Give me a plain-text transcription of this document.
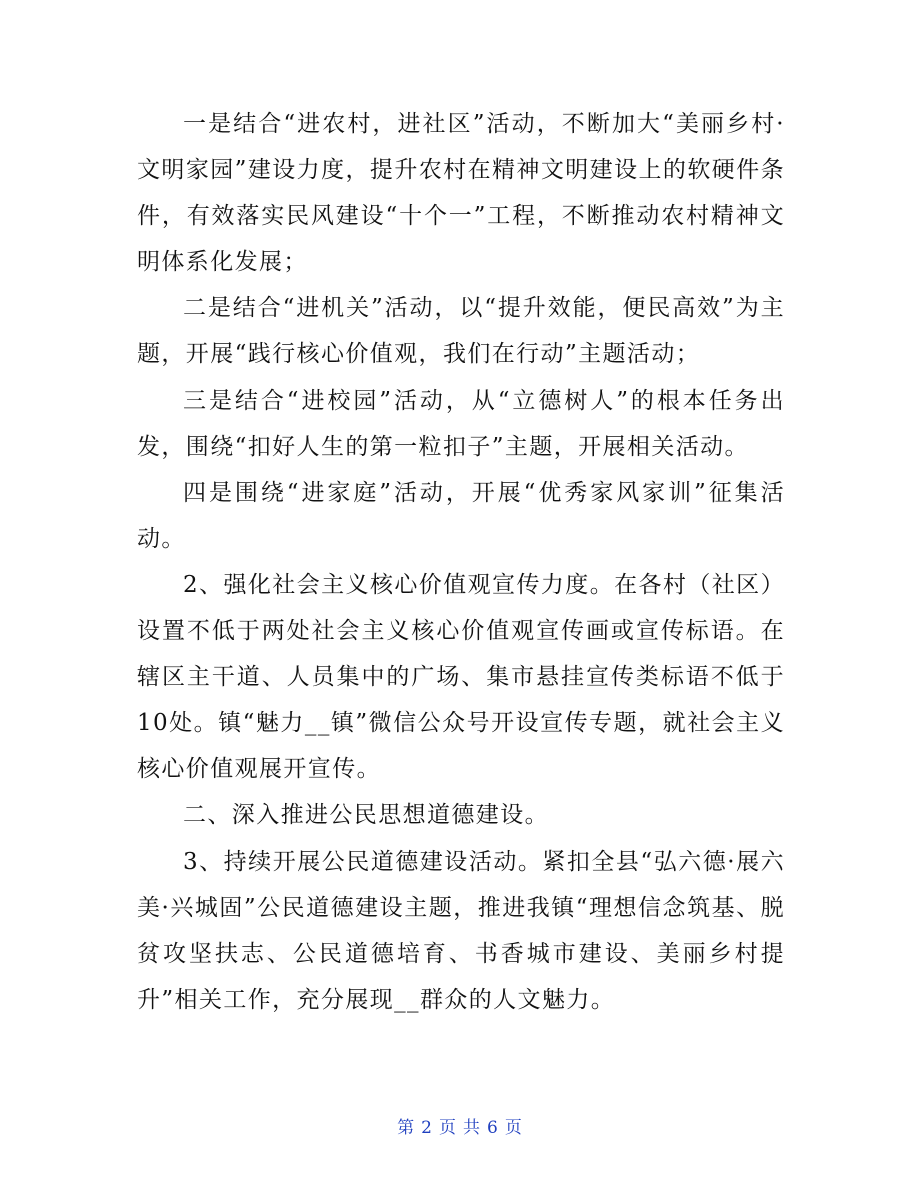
一是结合“进农村，进社区”活动，不断加大“美丽乡村·文明家园”建设力度，提升农村在精神文明建设上的软硬件条件，有效落实民风建设“十个一”工程，不断推动农村精神文明体系化发展；

二是结合“进机关”活动，以“提升效能，便民高效”为主题，开展“践行核心价值观，我们在行动”主题活动；

三是结合“进校园”活动，从“立德树人”的根本任务出发，围绕“扣好人生的第一粒扣子”主题，开展相关活动。

四是围绕“进家庭”活动，开展“优秀家风家训”征集活动。

2、强化社会主义核心价值观宣传力度。在各村（社区）设置不低于两处社会主义核心价值观宣传画或宣传标语。在辖区主干道、人员集中的广场、集市悬挂宣传类标语不低于10处。镇“魅力__镇”微信公众号开设宣传专题，就社会主义核心价值观展开宣传。

二、深入推进公民思想道德建设。

3、持续开展公民道德建设活动。紧扣全县“弘六德·展六美·兴城固”公民道德建设主题，推进我镇“理想信念筑基、脱贫攻坚扶志、公民道德培育、书香城市建设、美丽乡村提升”相关工作，充分展现__群众的人文魅力。

第 2 页 共 6 页
